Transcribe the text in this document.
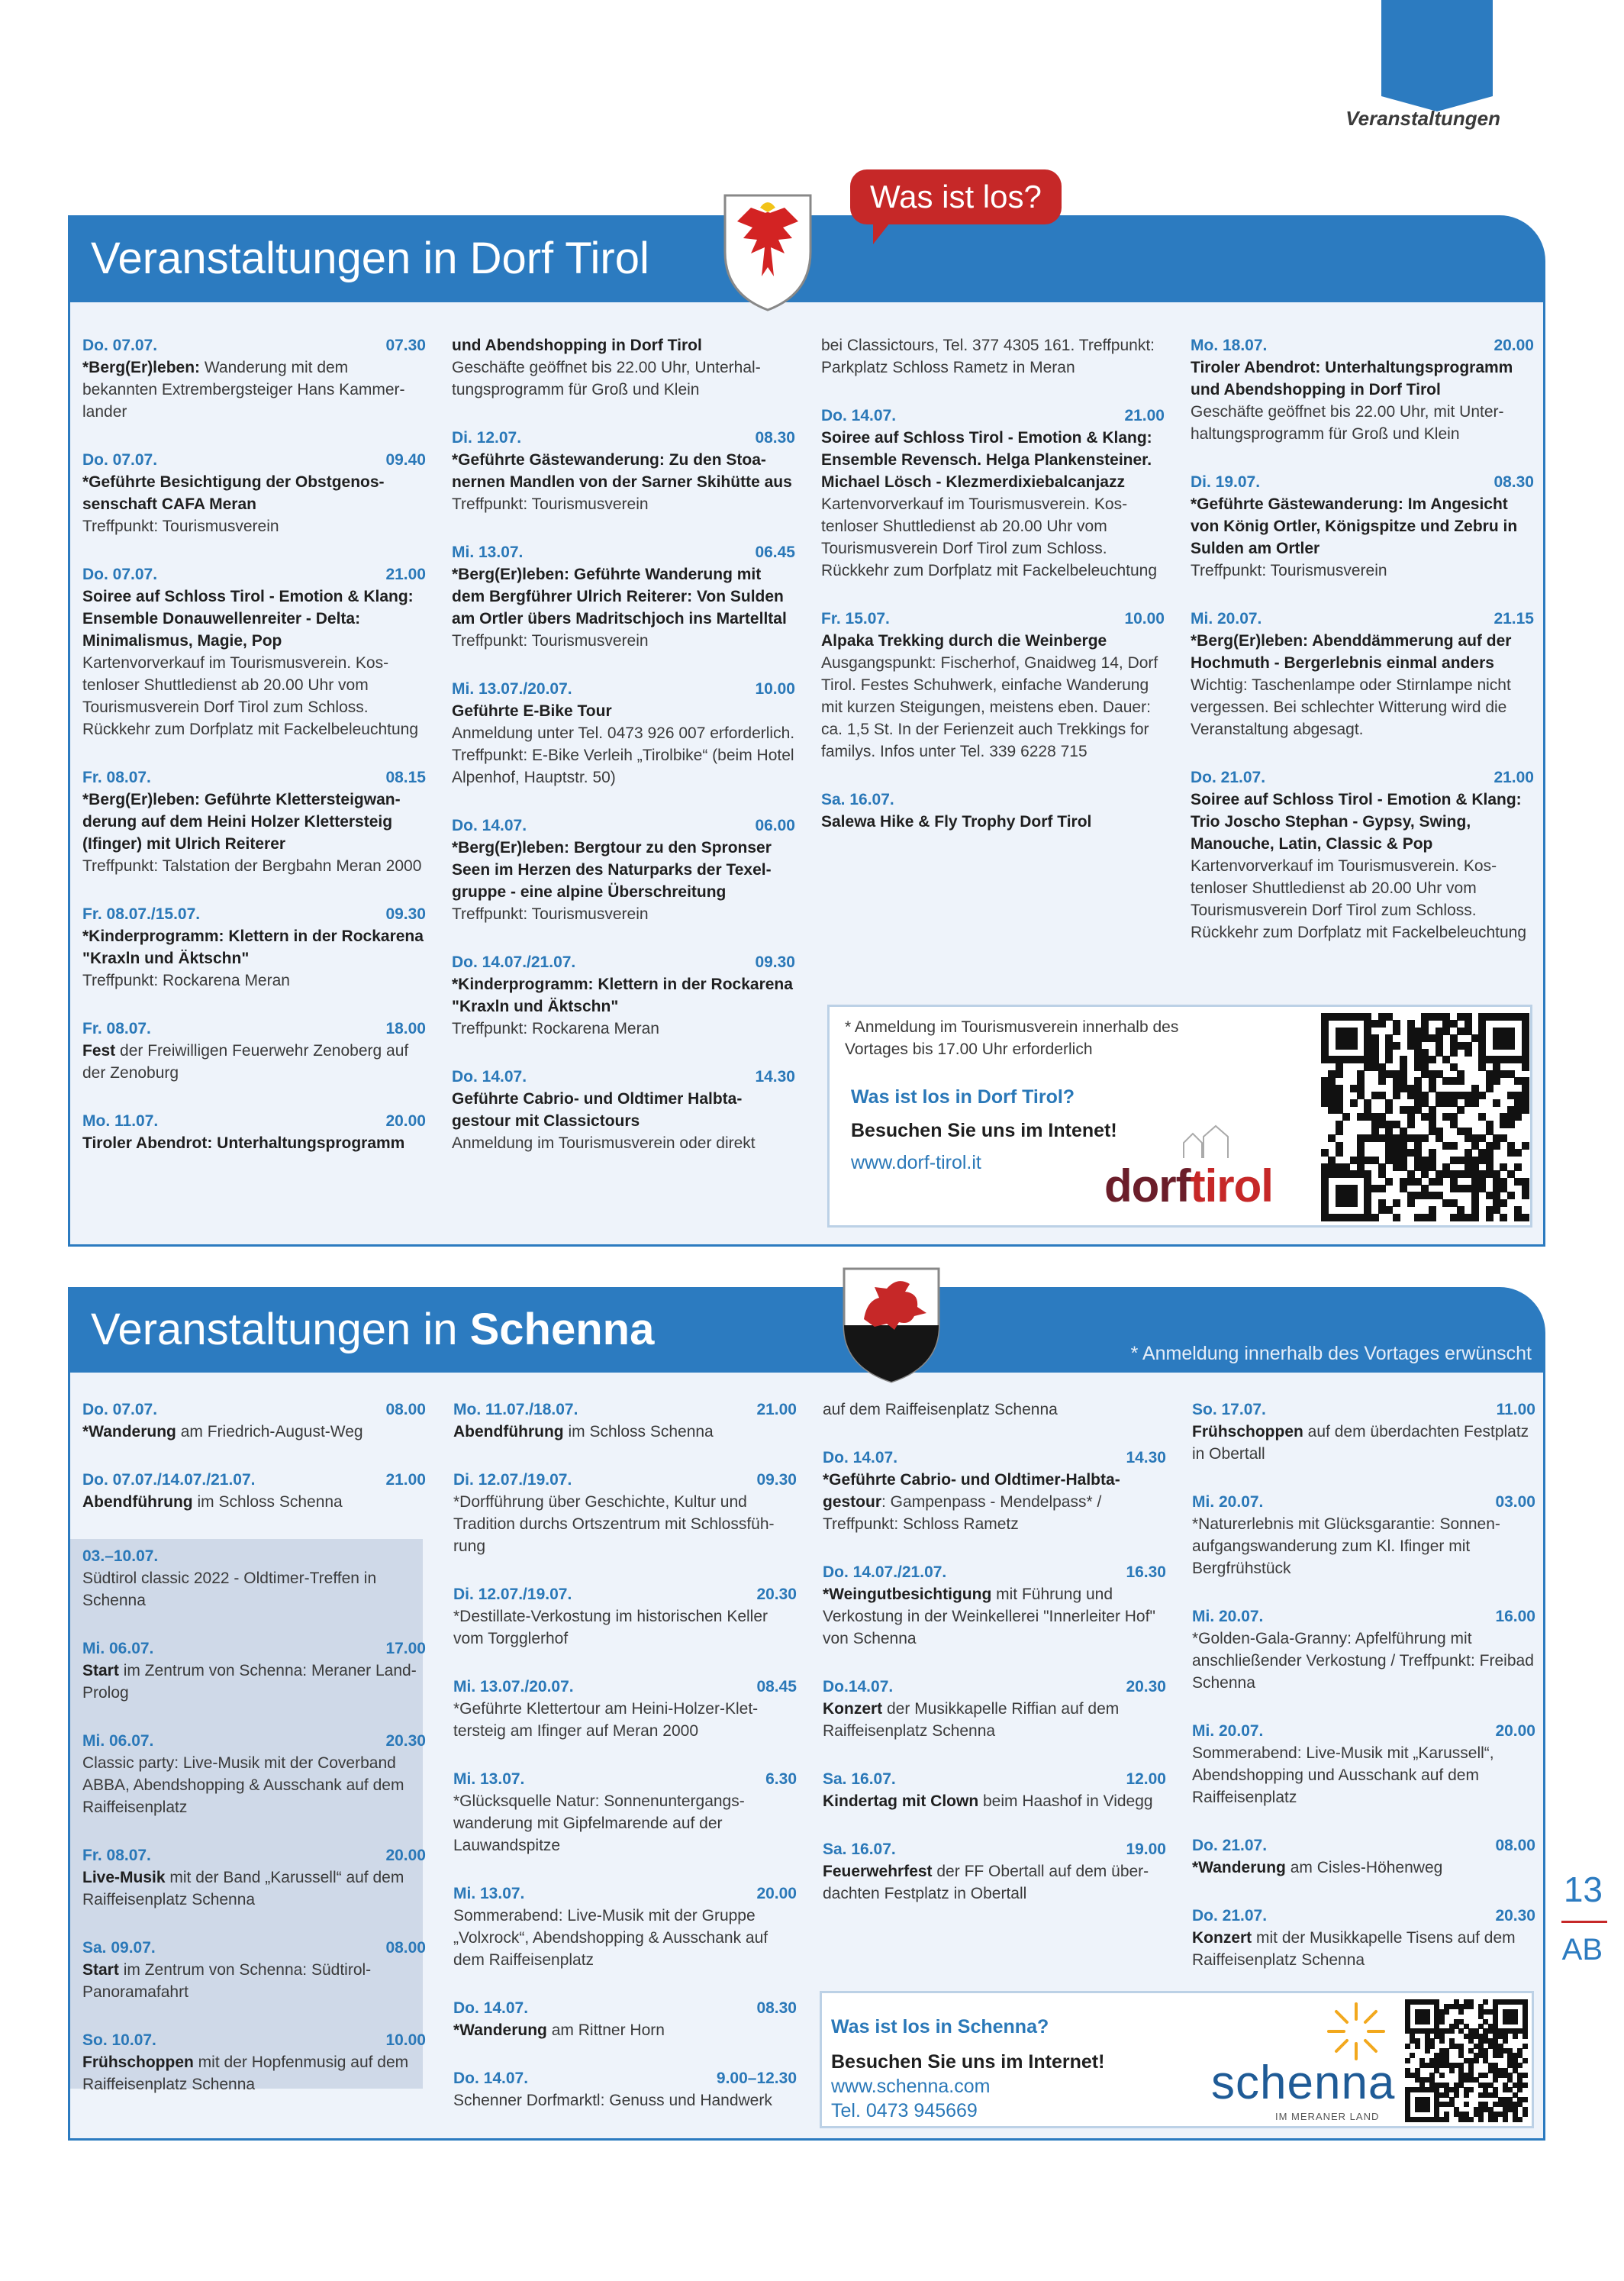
Veranstaltungen
Veranstaltungen in Dorf Tirol
Was ist los?
Do. 07.07.	07.30
*Berg(Er)leben: Wanderung mit dem bekannten Extrembergsteiger Hans Kammerlander
Do. 07.07.	09.40
*Geführte Besichtigung der Obstgenossenschaft CAFA Meran
Treffpunkt: Tourismusverein
Do. 07.07.	21.00
Soiree auf Schloss Tirol - Emotion & Klang: Ensemble Donauwellenreiter - Delta: Minimalismus, Magie, Pop
Kartenvorverkauf im Tourismusverein. Kostenloser Shuttledienst ab 20.00 Uhr vom Tourismusverein Dorf Tirol zum Schloss. Rückkehr zum Dorfplatz mit Fackelbeleuchtung
Fr. 08.07.	08.15
*Berg(Er)leben: Geführte Klettersteigwanderung auf dem Heini Holzer Klettersteig (Ifinger) mit Ulrich Reiterer
Treffpunkt: Talstation der Bergbahn Meran 2000
Fr. 08.07./15.07.	09.30
*Kinderprogramm: Klettern in der Rockarena "Kraxln und Äktschn"
Treffpunkt: Rockarena Meran
Fr. 08.07.	18.00
Fest der Freiwilligen Feuerwehr Zenoberg auf der Zenoburg
Mo. 11.07.	20.00
Tiroler Abendrot: Unterhaltungsprogramm
und Abendshopping in Dorf Tirol
Geschäfte geöffnet bis 22.00 Uhr, Unterhaltungsprogramm für Groß und Klein
Di. 12.07.	08.30
*Geführte Gästewanderung: Zu den Stoanernen Mandlen von der Sarner Skihütte aus
Treffpunkt: Tourismusverein
Mi. 13.07.	06.45
*Berg(Er)leben: Geführte Wanderung mit dem Bergführer Ulrich Reiterer: Von Sulden am Ortler übers Madritschjoch ins Martelltal
Treffpunkt: Tourismusverein
Mi. 13.07./20.07.	10.00
Geführte E-Bike Tour
Anmeldung unter Tel. 0473 926 007 erforderlich. Treffpunkt: E-Bike Verleih „Tirolbike“ (beim Hotel Alpenhof, Hauptstr. 50)
Do. 14.07.	06.00
*Berg(Er)leben: Bergtour zu den Spronser Seen im Herzen des Naturparks der Texelgruppe - eine alpine Überschreitung
Treffpunkt: Tourismusverein
Do. 14.07./21.07.	09.30
*Kinderprogramm: Klettern in der Rockarena "Kraxln und Äktschn"
Treffpunkt: Rockarena Meran
Do. 14.07.	14.30
Geführte Cabrio- und Oldtimer Halbtagestour mit Classictours
Anmeldung im Tourismusverein oder direkt
bei Classictours, Tel. 377 4305 161. Treffpunkt: Parkplatz Schloss Rametz in Meran
Do. 14.07.	21.00
Soiree auf Schloss Tirol - Emotion & Klang: Ensemble Revensch. Helga Plankensteiner. Michael Lösch - Klezmerdixiebalcanjazz
Kartenvorverkauf im Tourismusverein. Kostenloser Shuttledienst ab 20.00 Uhr vom Tourismusverein Dorf Tirol zum Schloss. Rückkehr zum Dorfplatz mit Fackelbeleuchtung
Fr. 15.07.	10.00
Alpaka Trekking durch die Weinberge
Ausgangspunkt: Fischerhof, Gnaidweg 14, Dorf Tirol. Festes Schuhwerk, einfache Wanderung mit kurzen Steigungen, meistens eben. Dauer: ca. 1,5 St. In der Ferienzeit auch Trekkings for familys. Infos unter Tel. 339 6228 715
Sa. 16.07.
Salewa Hike & Fly Trophy Dorf Tirol
Mo. 18.07.	20.00
Tiroler Abendrot: Unterhaltungsprogramm und Abendshopping in Dorf Tirol
Geschäfte geöffnet bis 22.00 Uhr, mit Unterhaltungsprogramm für Groß und Klein
Di. 19.07.	08.30
*Geführte Gästewanderung: Im Angesicht von König Ortler, Königspitze und Zebru in Sulden am Ortler
Treffpunkt: Tourismusverein
Mi. 20.07.	21.15
*Berg(Er)leben: Abenddämmerung auf der Hochmuth - Bergerlebnis einmal anders
Wichtig: Taschenlampe oder Stirnlampe nicht vergessen. Bei schlechter Witterung wird die Veranstaltung abgesagt.
Do. 21.07.	21.00
Soiree auf Schloss Tirol - Emotion & Klang: Trio Joscho Stephan - Gypsy, Swing, Manouche, Latin, Classic & Pop
Kartenvorverkauf im Tourismusverein. Kostenloser Shuttledienst ab 20.00 Uhr vom Tourismusverein Dorf Tirol zum Schloss. Rückkehr zum Dorfplatz mit Fackelbeleuchtung
* Anmeldung im Tourismusverein innerhalb des Vortages bis 17.00 Uhr erforderlich
Was ist los in Dorf Tirol?
Besuchen Sie uns im Intenet!
www.dorf-tirol.it	dorftirol
Veranstaltungen in Schenna	* Anmeldung innerhalb des Vortages erwünscht
Do. 07.07.	08.00
*Wanderung am Friedrich-August-Weg
Do. 07.07./14.07./21.07.	21.00
Abendführung im Schloss Schenna
03.–10.07.
Südtirol classic 2022 - Oldtimer-Treffen in Schenna
Mi. 06.07.	17.00
Start im Zentrum von Schenna: Meraner Land-Prolog
Mi. 06.07.	20.30
Classic party: Live-Musik mit der Coverband ABBA, Abendshopping & Ausschank auf dem Raiffeisenplatz
Fr. 08.07.	20.00
Live-Musik mit der Band „Karussell“ auf dem Raiffeisenplatz Schenna
Sa. 09.07.	08.00
Start im Zentrum von Schenna: Südtirol-Panoramafahrt
So. 10.07.	10.00
Frühschoppen mit der Hopfenmusig auf dem Raiffeisenplatz Schenna
Mo. 11.07./18.07.	21.00
Abendführung im Schloss Schenna
Di. 12.07./19.07.	09.30
*Dorfführung über Geschichte, Kultur und Tradition durchs Ortszentrum mit Schlossführung
Di. 12.07./19.07.	20.30
*Destillate-Verkostung im historischen Keller vom Torgglerhof
Mi. 13.07./20.07.	08.45
*Geführte Klettertour am Heini-Holzer-Klettersteig am Ifinger auf Meran 2000
Mi. 13.07.	6.30
*Glücksquelle Natur: Sonnenuntergangswanderung mit Gipfelmarende auf der Lauwandspitze
Mi. 13.07.	20.00
Sommerabend: Live-Musik mit der Gruppe „Volxrock“, Abendshopping & Ausschank auf dem Raiffeisenplatz
Do. 14.07.	08.30
*Wanderung am Rittner Horn
Do. 14.07.	9.00–12.30
Schenner Dorfmarktl: Genuss und Handwerk
auf dem Raiffeisenplatz Schenna
Do. 14.07.	14.30
*Geführte Cabrio- und Oldtimer-Halbtagestour: Gampenpass - Mendelpass* / Treffpunkt: Schloss Rametz
Do. 14.07./21.07.	16.30
*Weingutbesichtigung mit Führung und Verkostung in der Weinkellerei "Innerleiter Hof" von Schenna
Do.14.07.	20.30
Konzert der Musikkapelle Riffian auf dem Raiffeisenplatz Schenna
Sa. 16.07.	12.00
Kindertag mit Clown beim Haashof in Videgg
Sa. 16.07.	19.00
Feuerwehrfest der FF Obertall auf dem überdachten Festplatz in Obertall
So. 17.07.	11.00
Frühschoppen auf dem überdachten Festplatz in Obertall
Mi. 20.07.	03.00
*Naturerlebnis mit Glücksgarantie: Sonnenaufgangswanderung zum Kl. Ifinger mit Bergfrühstück
Mi. 20.07.	16.00
*Golden-Gala-Granny: Apfelführung mit anschließender Verkostung / Treffpunkt: Freibad Schenna
Mi. 20.07.	20.00
Sommerabend: Live-Musik mit „Karussell“, Abendshopping und Ausschank auf dem Raiffeisenplatz
Do. 21.07.	08.00
*Wanderung am Cisles-Höhenweg
Do. 21.07.	20.30
Konzert mit der Musikkapelle Tisens auf dem Raiffeisenplatz Schenna
Was ist los in Schenna?
Besuchen Sie uns im Internet!
www.schenna.com
Tel. 0473 945669
schenna
IM MERANER LAND
13
AB
